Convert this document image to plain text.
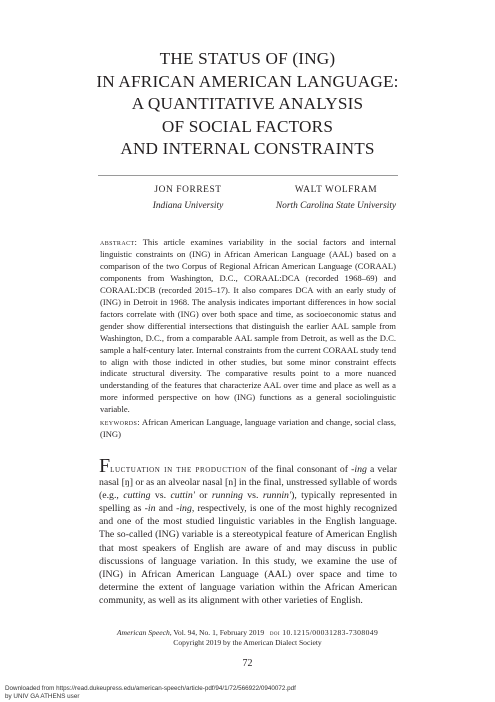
THE STATUS OF (ING)
IN AFRICAN AMERICAN LANGUAGE:
A QUANTITATIVE ANALYSIS
OF SOCIAL FACTORS
AND INTERNAL CONSTRAINTS
JON FORREST
Indiana University
WALT WOLFRAM
North Carolina State University
abstract: This article examines variability in the social factors and internal linguistic constraints on (ING) in African American Language (AAL) based on a comparison of the two Corpus of Regional African American Language (CORAAL) components from Washington, D.C., CORAAL:DCA (recorded 1968–69) and CORAAL:DCB (recorded 2015–17). It also compares DCA with an early study of (ING) in Detroit in 1968. The analysis indicates important differences in how social factors correlate with (ING) over both space and time, as socioeconomic status and gender show differential intersections that distinguish the earlier AAL sample from Washington, D.C., from a comparable AAL sample from Detroit, as well as the D.C. sample a half-century later. Internal constraints from the current CORAAL study tend to align with those indicted in other studies, but some minor constraint effects indicate structural diversity. The comparative results point to a more nuanced understanding of the features that characterize AAL over time and place as well as a more informed perspective on how (ING) functions as a general sociolinguistic variable.
keywords: African American Language, language variation and change, social class, (ING)
Fluctuation in the production of the final consonant of -ing a velar nasal [ŋ] or as an alveolar nasal [n] in the final, unstressed syllable of words (e.g., cutting vs. cuttin' or running vs. runnin'), typically represented in spelling as -in and -ing, respectively, is one of the most highly recognized and one of the most studied linguistic variables in the English language. The so-called (ING) variable is a stereotypical feature of American English that most speakers of English are aware of and may discuss in public discussions of language variation. In this study, we examine the use of (ING) in African American Language (AAL) over space and time to determine the extent of language variation within the African American community, as well as its alignment with other varieties of English.
American Speech, Vol. 94, No. 1, February 2019 doi 10.1215/00031283-7308049
Copyright 2019 by the American Dialect Society
72
Downloaded from https://read.dukeupress.edu/american-speech/article-pdf/94/1/72/566922/0940072.pdf
by UNIV GA ATHENS user
